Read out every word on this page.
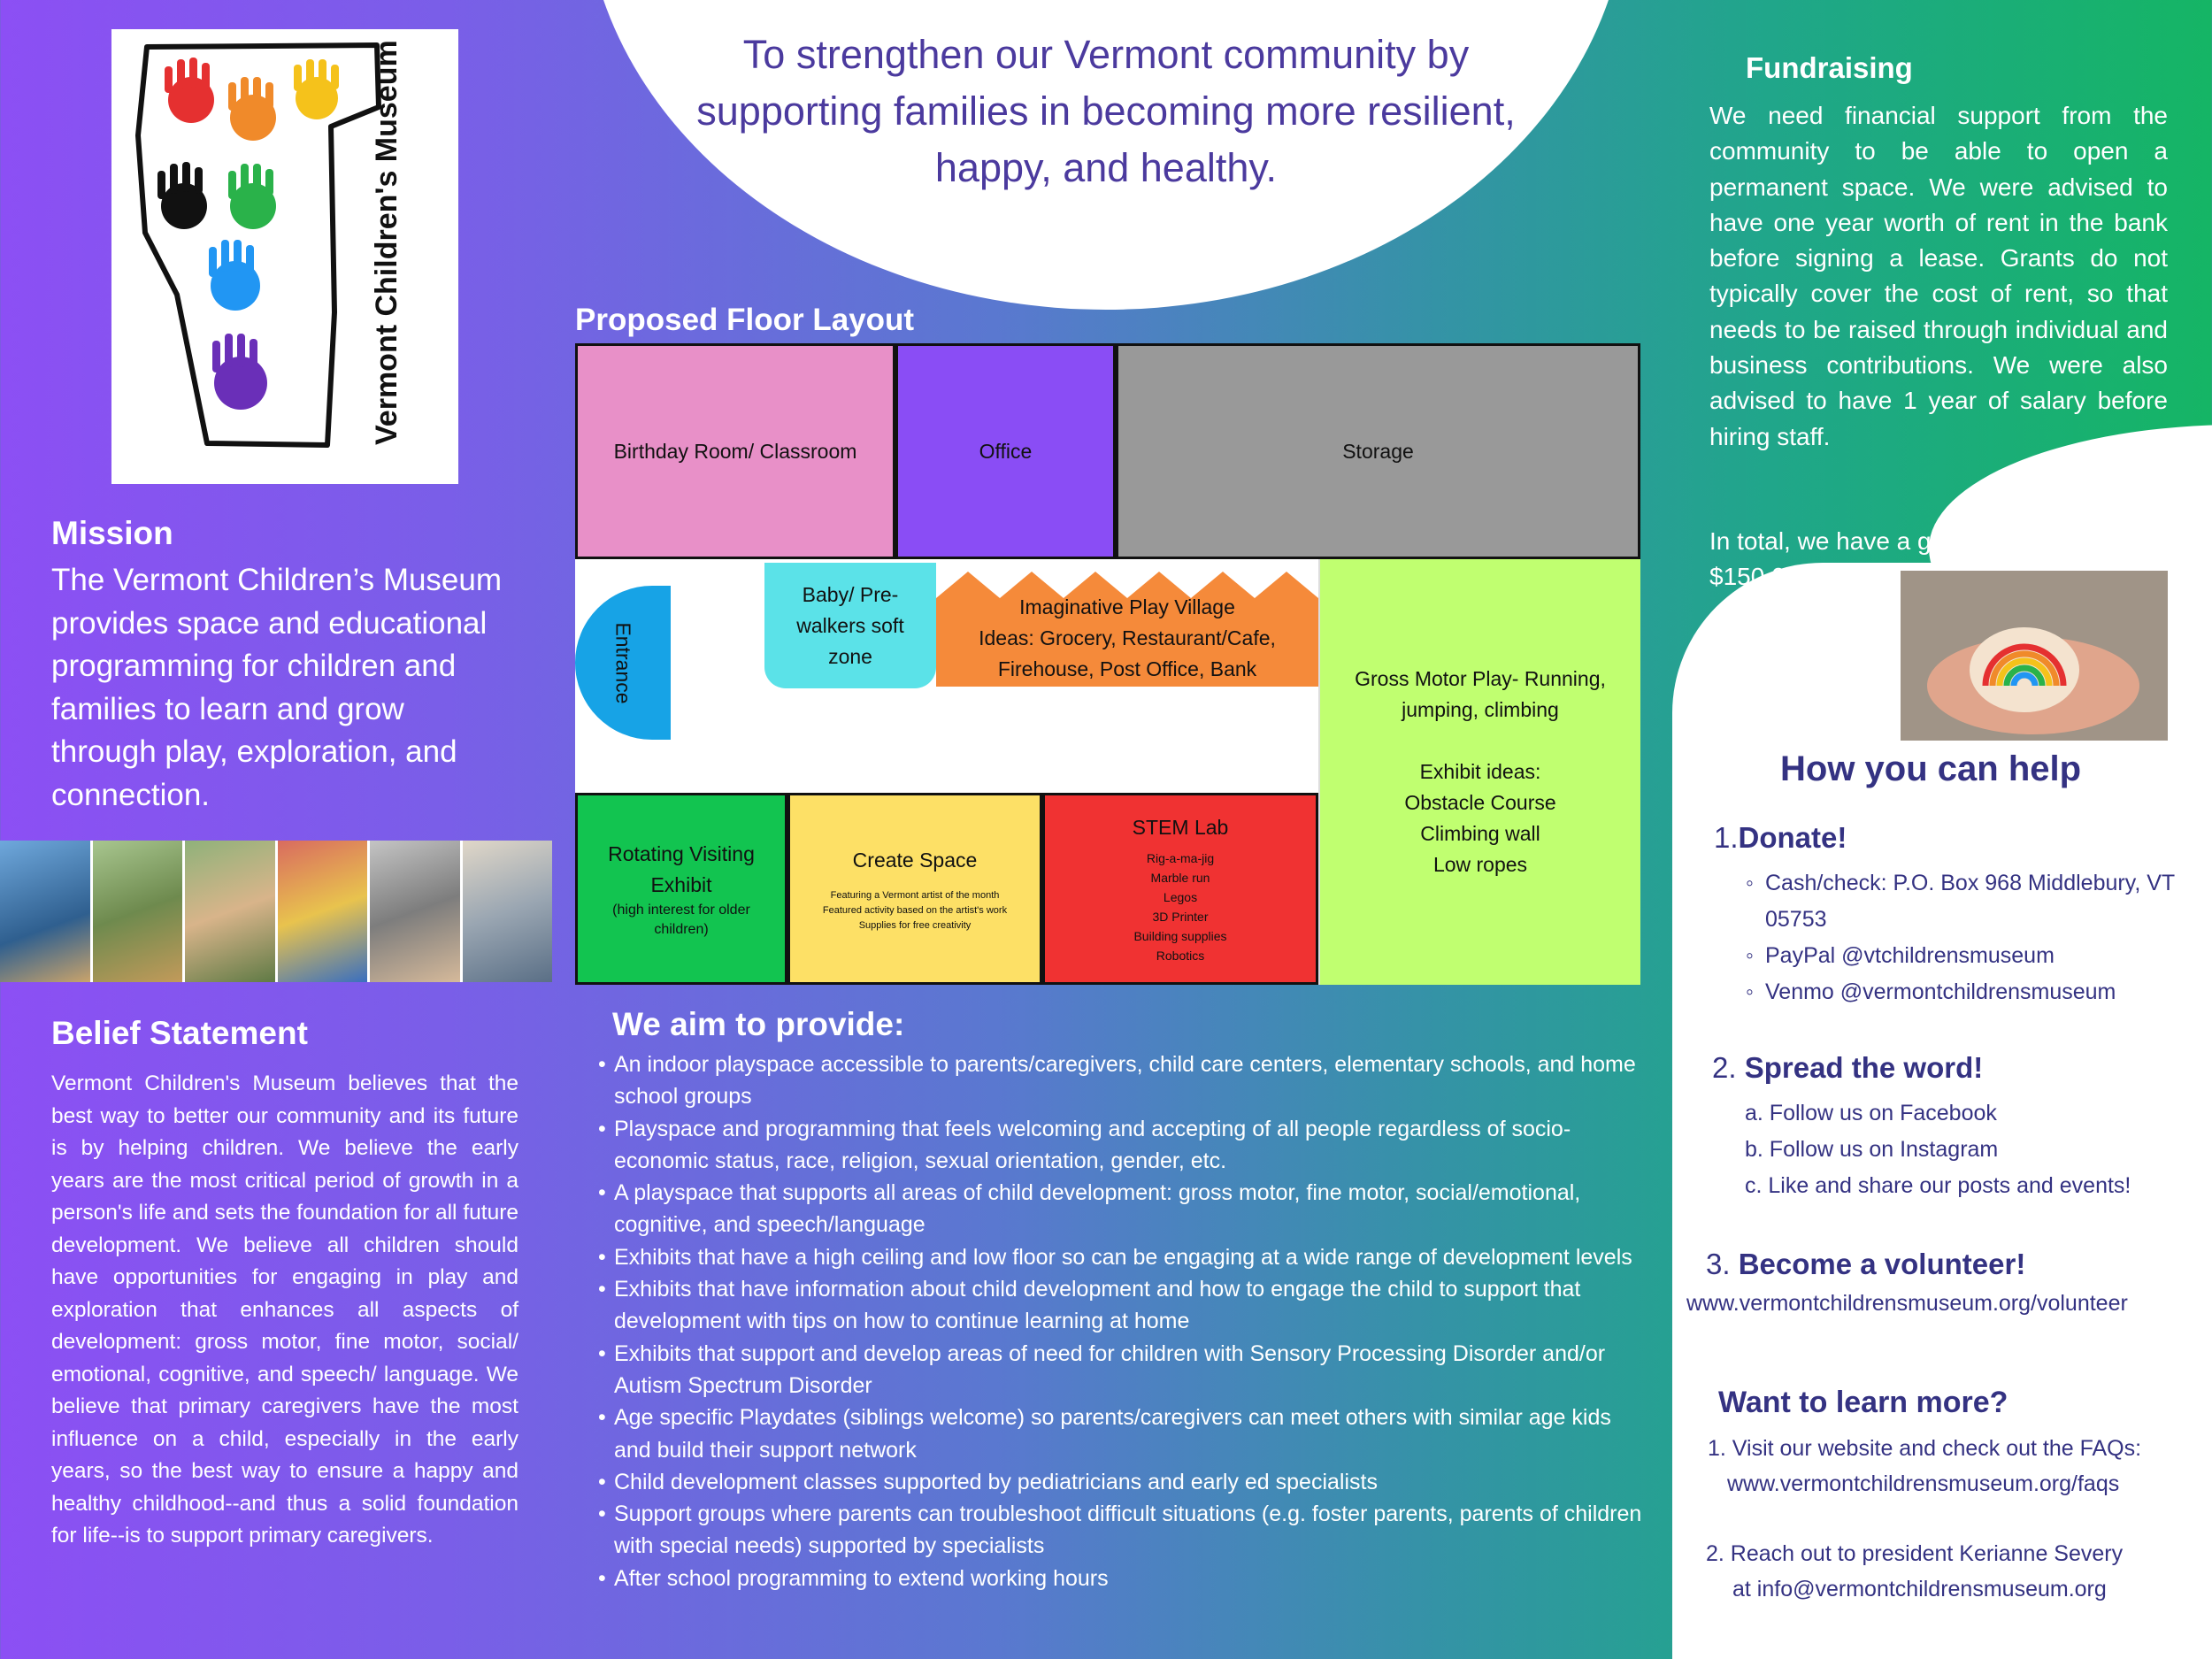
Vermont Children's Museum
Mission
The Vermont Children’s Museum provides space and educational programming for children and families to learn and grow through play, exploration, and connection.
Belief Statement
Vermont Children's Museum believes that the best way to better our community and its future is by helping children. We believe the early years are the most critical period of growth in a person's life and sets the foundation for all future development. We believe all children should have opportunities for engaging in play and exploration that enhances all aspects of development: gross motor, fine motor, social/ emotional, cognitive, and speech/ language. We believe that primary caregivers have the most influence on a child, especially in the early years, so the best way to ensure a happy and healthy childhood--and thus a solid foundation for life--is to support primary caregivers.
To strengthen our Vermont community by supporting families in becoming more resilient, happy, and healthy.
Proposed Floor Layout
Birthday Room/ Classroom	Office	Storage
Entrance
Baby/ Pre-walkers soft zone
Imaginative Play Village
Ideas: Grocery, Restaurant/Cafe, Firehouse, Post Office, Bank	Gross Motor Play- Running, jumping, climbing
Exhibit ideas:
Obstacle Course
Climbing wall
Low ropes
Rotating Visiting Exhibit
(high interest for older children)
Create Space
Featuring a Vermont artist of the month
Featured activity based on the artist's work
Supplies for free creativity
STEM Lab
Rig-a-ma-jig
Marble run
Legos
3D Printer
Building supplies
Robotics
We aim to provide:
• An indoor playspace accessible to parents/caregivers, child care centers, elementary schools, and home school groups
• Playspace and programming that feels welcoming and accepting of all people regardless of socio-economic status, race, religion, sexual orientation, gender, etc.
• A playspace that supports all areas of child development: gross motor, fine motor, social/emotional, cognitive, and speech/language
• Exhibits that have a high ceiling and low floor so can be engaging at a wide range of development levels
• Exhibits that have information about child development and how to engage the child to support that development with tips on how to continue learning at home
• Exhibits that support and develop areas of need for children with Sensory Processing Disorder and/or Autism Spectrum Disorder
• Age specific Playdates (siblings welcome) so parents/caregivers can meet others with similar age kids and build their support network
• Child development classes supported by pediatricians and early ed specialists
• Support groups where parents can troubleshoot difficult situations (e.g. foster parents, parents of children with special needs) supported by specialists
• After school programming to extend working hours
Fundraising
We need financial support from the community to be able to open a permanent space. We were advised to have one year worth of rent in the bank before signing a lease. Grants do not typically cover the cost of rent, so that needs to be raised through individual and business contributions. We were also advised to have 1 year of salary before hiring staff.
In total, we have a goal of raising $150,000
How you can help
1.Donate!
◦ Cash/check: P.O. Box 968 Middlebury, VT 05753
◦ PayPal @vtchildrensmuseum
◦ Venmo @vermontchildrensmuseum
2. Spread the word!
a. Follow us on Facebook
b. Follow us on Instagram
c. Like and share our posts and events!
3. Become a volunteer!
www.vermontchildrensmuseum.org/volunteer
Want to learn more?
1. Visit our website and check out the FAQs:
www.vermontchildrensmuseum.org/faqs
2. Reach out to president Kerianne Severy
at info@vermontchildrensmuseum.org
